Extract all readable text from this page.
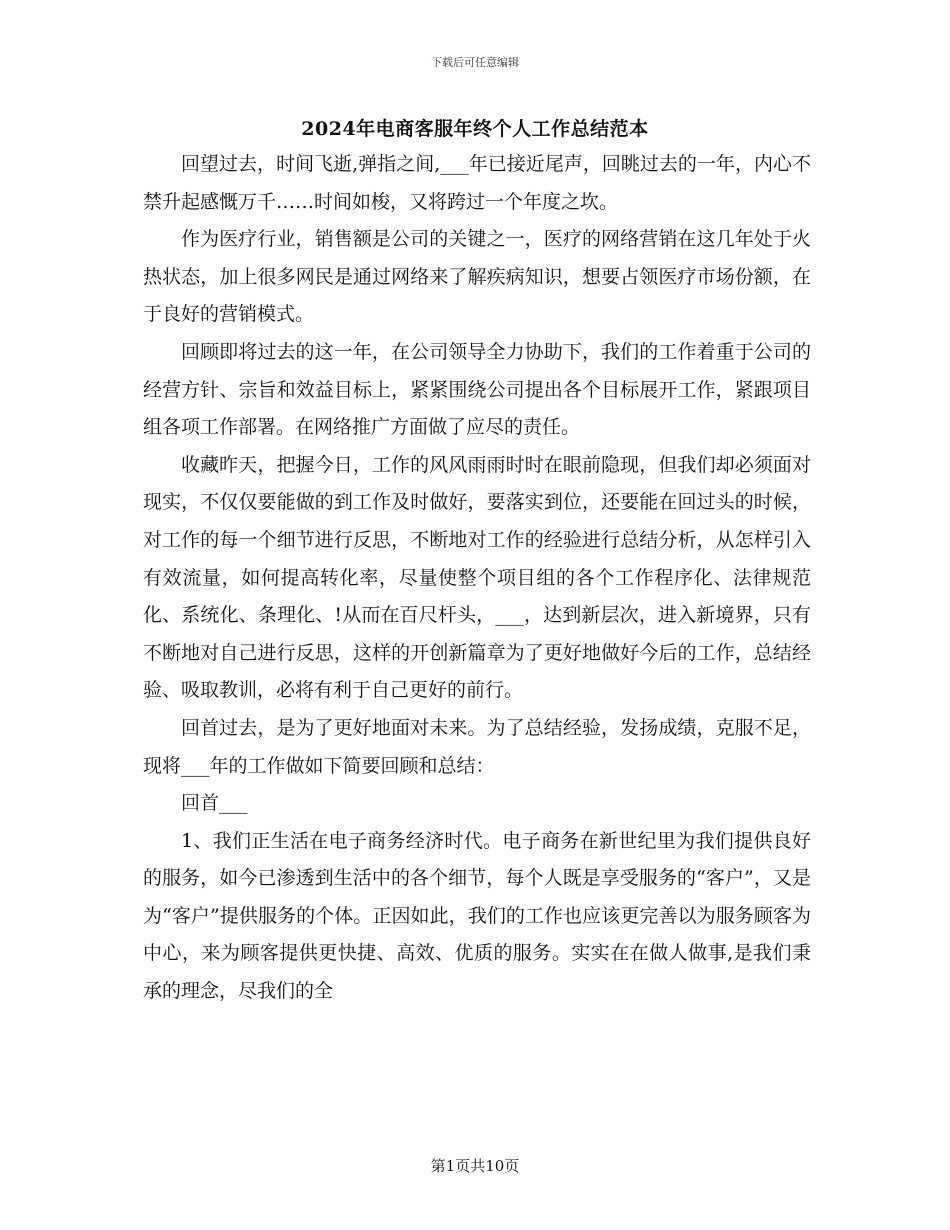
下载后可任意编辑
2024年电商客服年终个人工作总结范本

回望过去，时间飞逝,弹指之间,___年已接近尾声，回眺过去的一年，内心不禁升起感慨万千……时间如梭，又将跨过一个年度之坎。

作为医疗行业，销售额是公司的关键之一，医疗的网络营销在这几年处于火热状态，加上很多网民是通过网络来了解疾病知识，想要占领医疗市场份额，在于良好的营销模式。

回顾即将过去的这一年，在公司领导全力协助下，我们的工作着重于公司的经营方针、宗旨和效益目标上，紧紧围绕公司提出各个目标展开工作，紧跟项目组各项工作部署。在网络推广方面做了应尽的责任。

收藏昨天，把握今日，工作的风风雨雨时时在眼前隐现，但我们却必须面对现实，不仅仅要能做的到工作及时做好，要落实到位，还要能在回过头的时候，对工作的每一个细节进行反思，不断地对工作的经验进行总结分析，从怎样引入有效流量，如何提高转化率，尽量使整个项目组的各个工作程序化、法律规范化、系统化、条理化、!从而在百尺杆头，___，达到新层次，进入新境界，只有不断地对自己进行反思，这样的开创新篇章为了更好地做好今后的工作，总结经验、吸取教训，必将有利于自己更好的前行。

回首过去，是为了更好地面对未来。为了总结经验，发扬成绩，克服不足，现将___年的工作做如下简要回顾和总结：

回首___

1、我们正生活在电子商务经济时代。电子商务在新世纪里为我们提供良好的服务，如今已渗透到生活中的各个细节，每个人既是享受服务的“客户”，又是为“客户”提供服务的个体。正因如此，我们的工作也应该更完善以为服务顾客为中心，来为顾客提供更快捷、高效、优质的服务。实实在在做人做事,是我们秉承的理念，尽我们的全

第1页共10页
